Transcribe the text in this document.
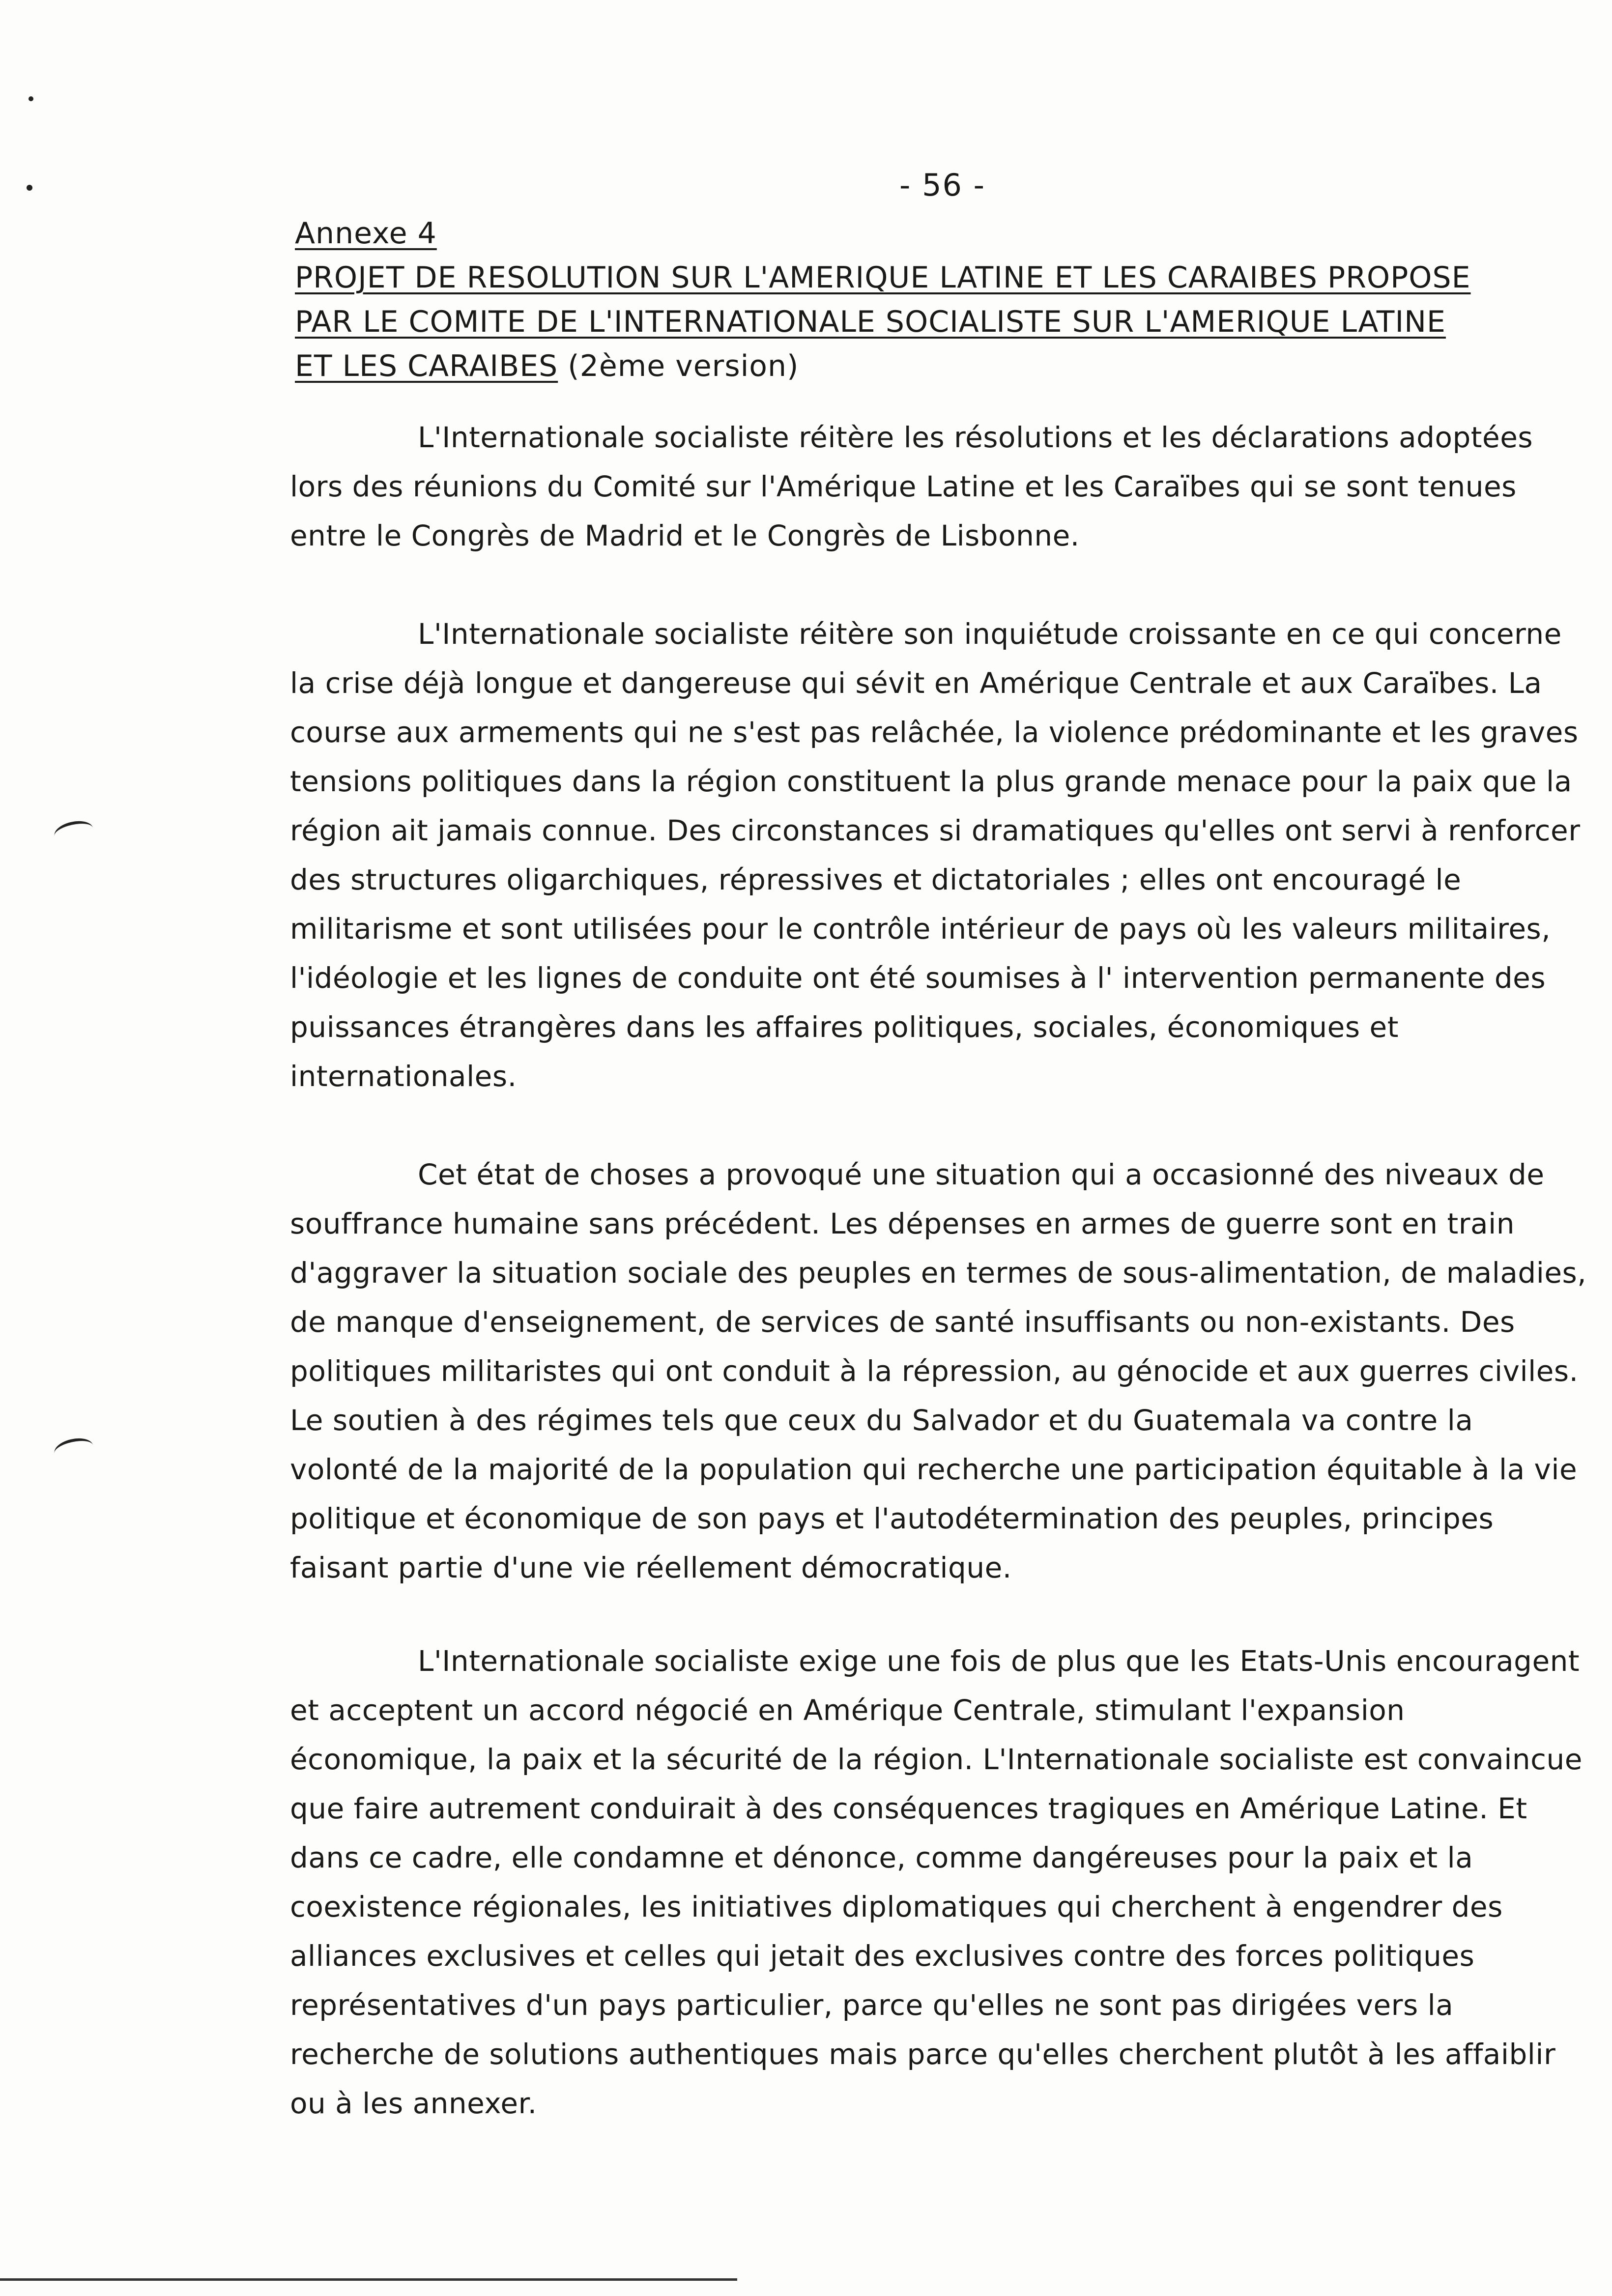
- 56 -
Annexe 4
PROJET DE RESOLUTION SUR L'AMERIQUE LATINE ET LES CARAIBES PROPOSE
PAR LE COMITE DE L'INTERNATIONALE SOCIALISTE SUR L'AMERIQUE LATINE
ET LES CARAIBES (2ème version)

L'Internationale socialiste réitère les résolutions et les déclarations adoptées lors des réunions du Comité sur l'Amérique Latine et les Caraïbes qui se sont tenues entre le Congrès de Madrid et le Congrès de Lisbonne.

L'Internationale socialiste réitère son inquiétude croissante en ce qui concerne la crise déjà longue et dangereuse qui sévit en Amérique Centrale et aux Caraïbes. La course aux armements qui ne s'est pas relâchée, la violence prédominante et les graves tensions politiques dans la région constituent la plus grande menace pour la paix que la région ait jamais connue. Des circonstances si dramatiques qu'elles ont servi à renforcer des structures oligarchiques, répressives et dictatoriales ; elles ont encouragé le militarisme et sont utilisées pour le contrôle intérieur de pays où les valeurs militaires, l'idéologie et les lignes de conduite ont été soumises à l' intervention permanente des puissances étrangères dans les affaires politiques, sociales, économiques et internationales.

Cet état de choses a provoqué une situation qui a occasionné des niveaux de souffrance humaine sans précédent. Les dépenses en armes de guerre sont en train d'aggraver la situation sociale des peuples en termes de sous-alimentation, de maladies, de manque d'enseignement, de services de santé insuffisants ou non-existants. Des politiques militaristes qui ont conduit à la répression, au génocide et aux guerres civiles. Le soutien à des régimes tels que ceux du Salvador et du Guatemala va contre la volonté de la majorité de la population qui recherche une participation équitable à la vie politique et économique de son pays et l'autodétermination des peuples, principes faisant partie d'une vie réellement démocratique.

L'Internationale socialiste exige une fois de plus que les Etats-Unis encouragent et acceptent un accord négocié en Amérique Centrale, stimulant l'expansion économique, la paix et la sécurité de la région. L'Internationale socialiste est convaincue que faire autrement conduirait à des conséquences tragiques en Amérique Latine. Et dans ce cadre, elle condamne et dénonce, comme dangéreuses pour la paix et la coexistence régionales, les initiatives diplomatiques qui cherchent à engendrer des alliances exclusives et celles qui jetait des exclusives contre des forces politiques représentatives d'un pays particulier, parce qu'elles ne sont pas dirigées vers la recherche de solutions authentiques mais parce qu'elles cherchent plutôt à les affaiblir ou à les annexer.
